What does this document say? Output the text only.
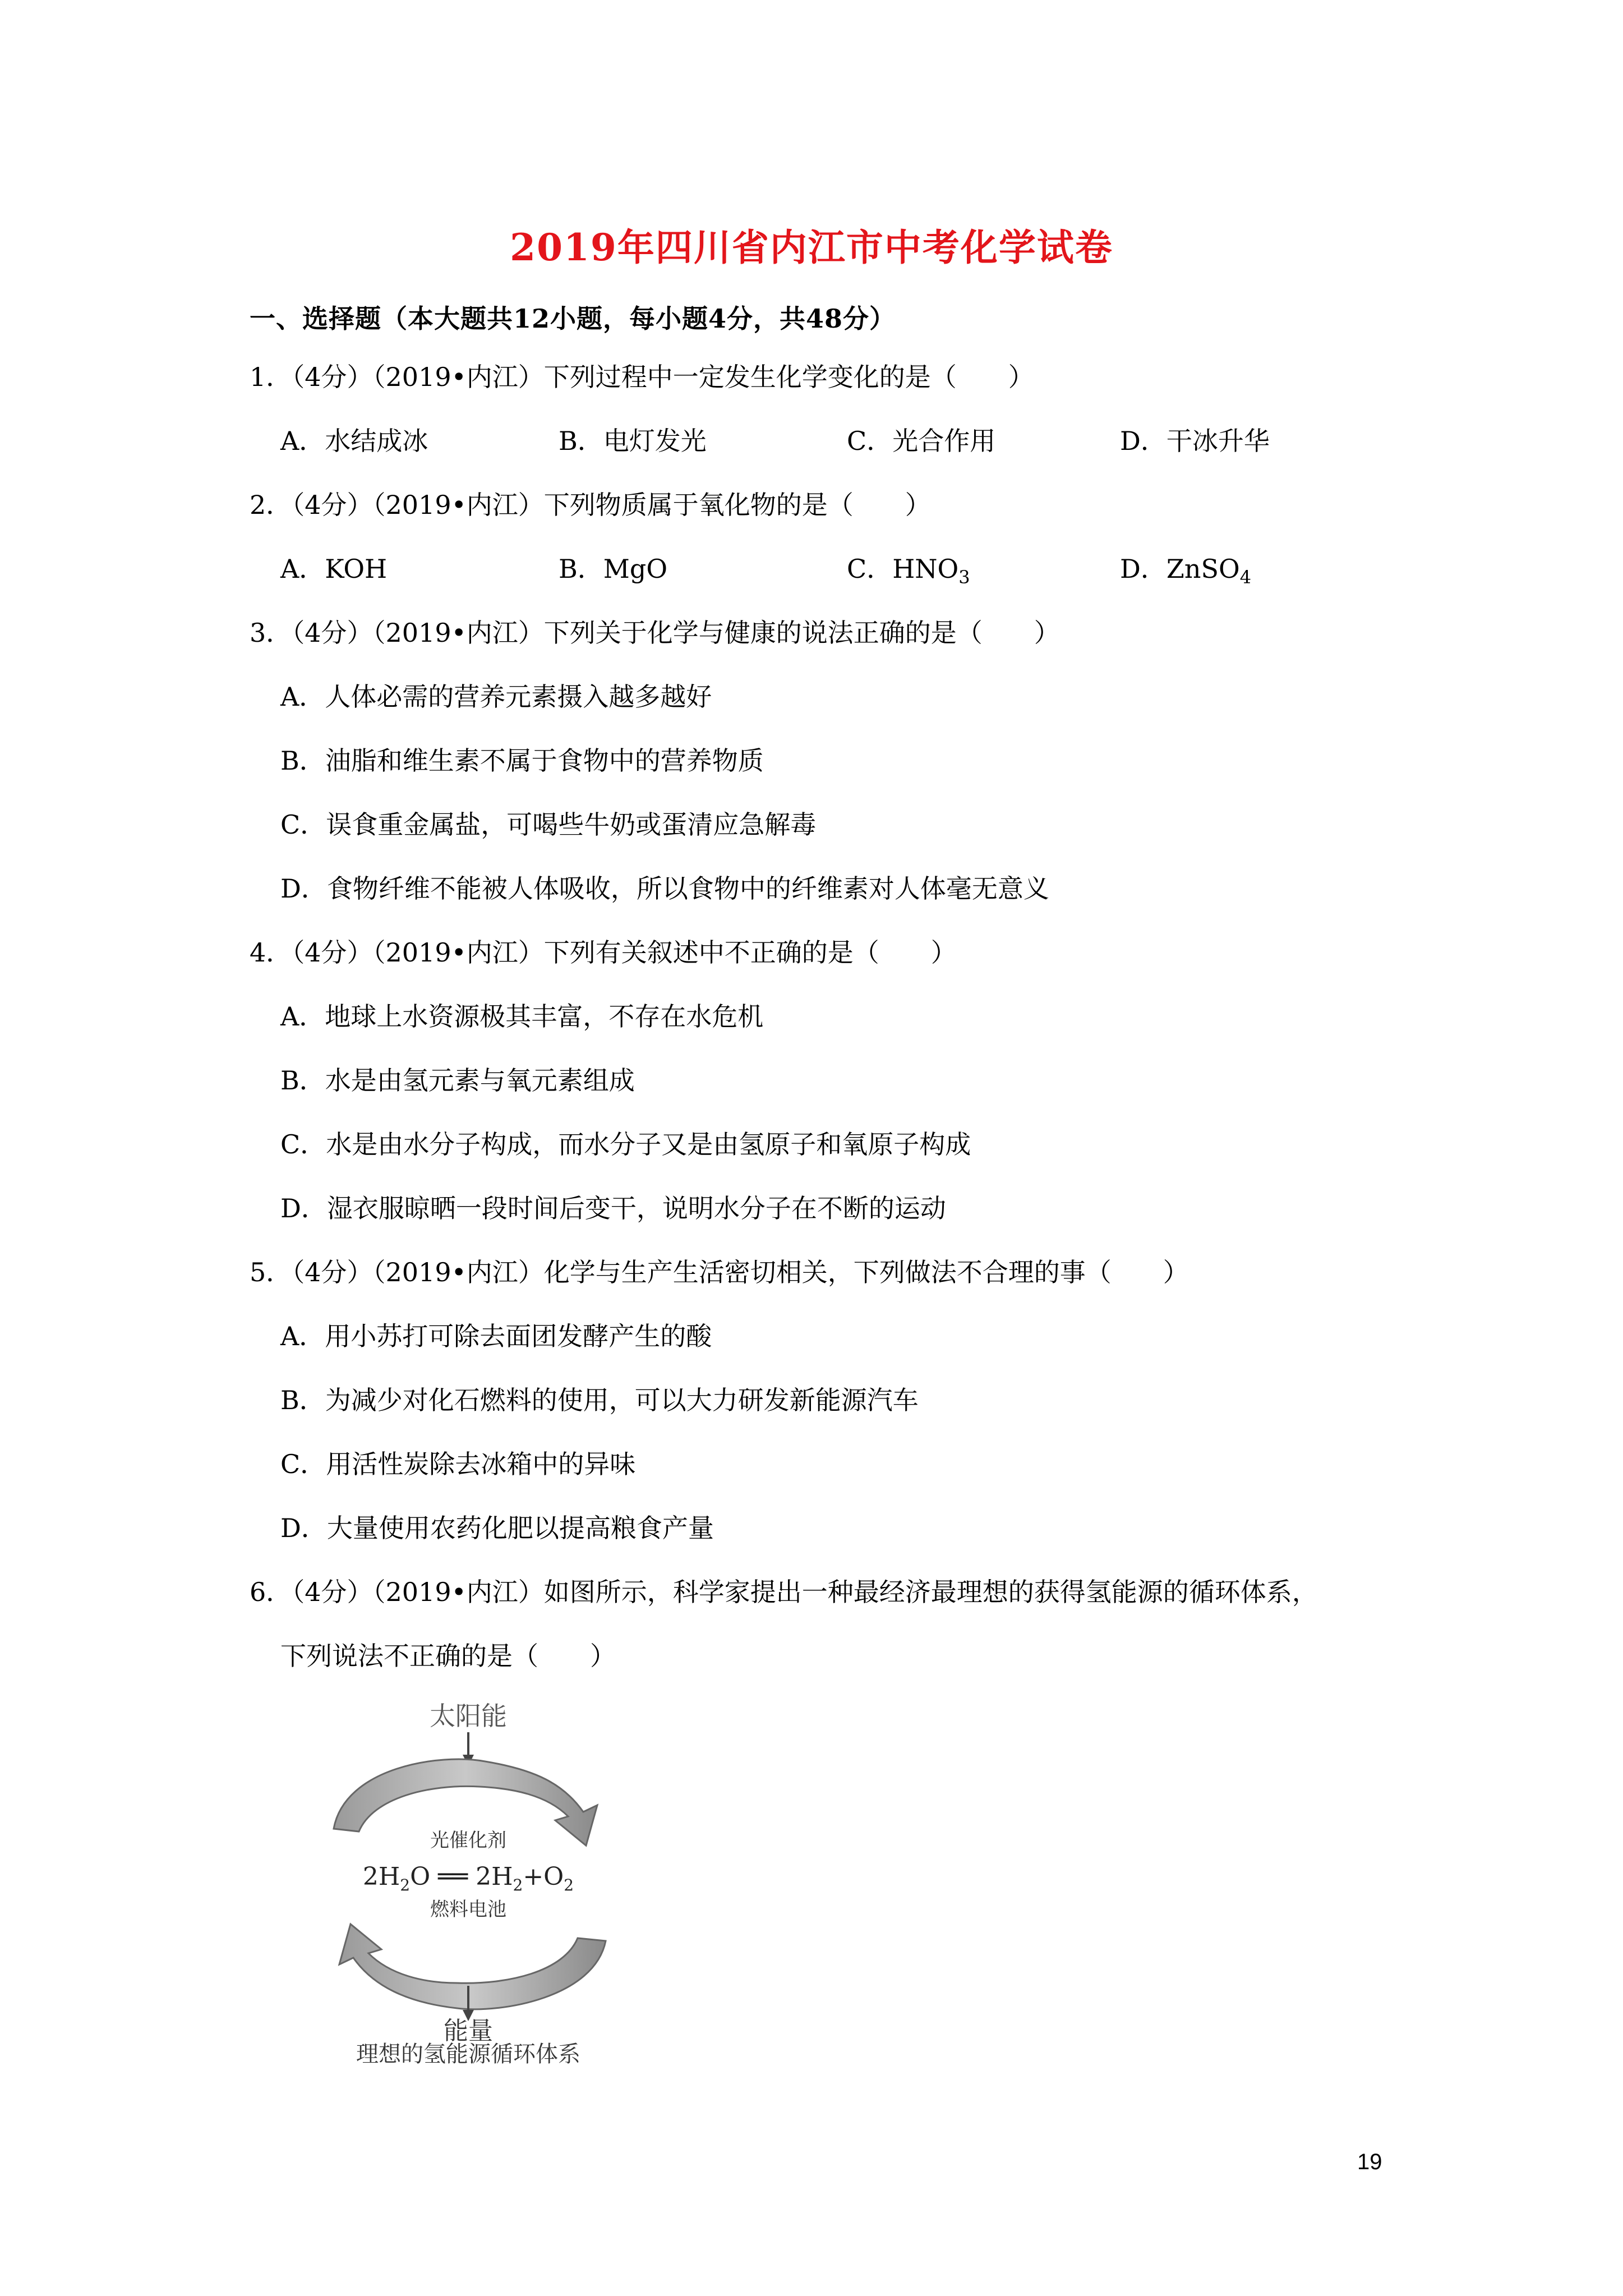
2019年四川省内江市中考化学试卷
一、选择题（本大题共12小题，每小题4分，共48分）
1．（4分）（2019•内江）下列过程中一定发生化学变化的是（　　）
A．水结成冰	B．电灯发光	C．光合作用	D．干冰升华
2．（4分）（2019•内江）下列物质属于氧化物的是（　　）
A．KOH	B．MgO	C．$HNO_3$	D．ZnSO$_4$
3．（4分）（2019•内江）下列关于化学与健康的说法正确的是（　　）
A．人体必需的营养元素摄入越多越好
B．油脂和维生素不属于食物中的营养物质
C．误食重金属盐，可喝些牛奶或蛋清应急解毒
D．食物纤维不能被人体吸收，所以食物中的纤维素对人体毫无意义
4．（4分）（2019•内江）下列有关叙述中不正确的是（　　）
A．地球上水资源极其丰富，不存在水危机
B．水是由氢元素与氧元素组成
C．水是由水分子构成，而水分子又是由氢原子和氧原子构成
D．湿衣服晾晒一段时间后变干，说明水分子在不断的运动
5．（4分）（2019•内江）化学与生产生活密切相关，下列做法不合理的事（　　）
A．用小苏打可除去面团发酵产生的酸
B．为减少对化石燃料的使用，可以大力研发新能源汽车
C．用活性炭除去冰箱中的异味
D．大量使用农药化肥以提高粮食产量
6．（4分）（2019•内江）如图所示，科学家提出一种最经济最理想的获得氢能源的循环体系，
下列说法不正确的是（　　）
太阳能
光催化剂
$2H_2O$ ══ $2H_2+O_2$
燃料电池
能量
理想的氢能源循环体系
19
